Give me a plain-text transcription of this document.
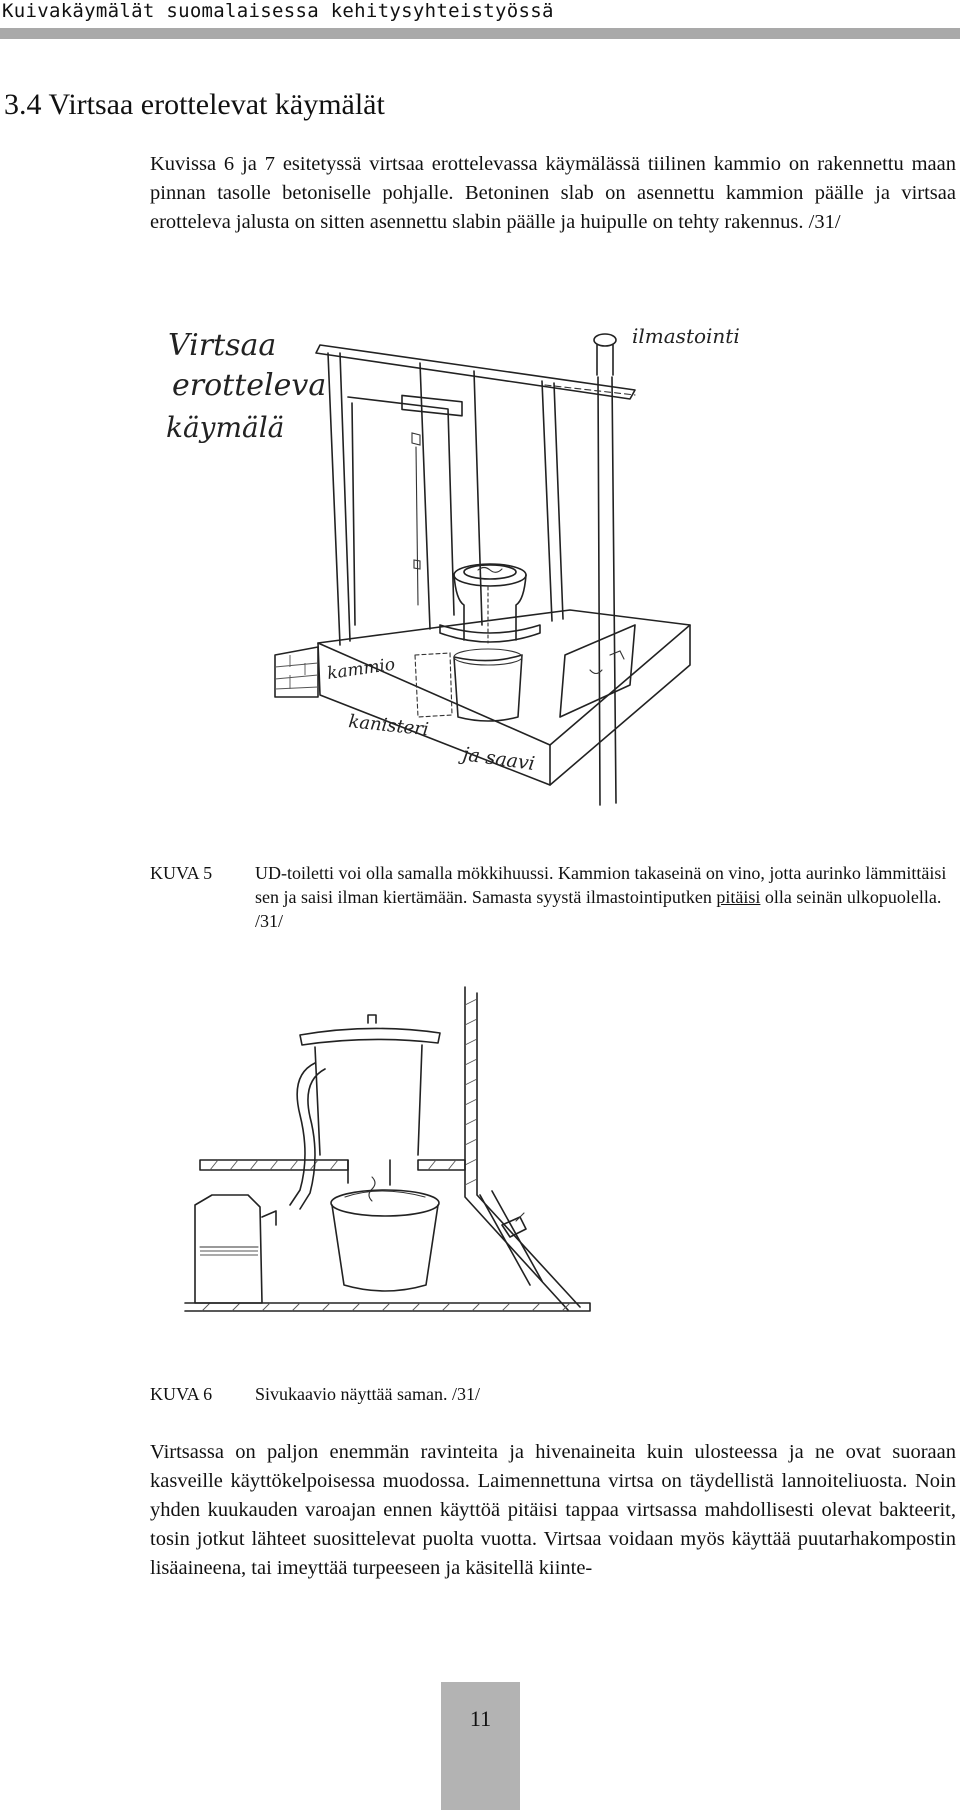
Kuivakäymälät suomalaisessa kehitysyhteistyössä
3.4 Virtsaa erottelevat käymälät

Kuvissa 6 ja 7 esitetyssä virtsaa erottelevassa käymälässä tiilinen kammio on rakennettu maan pinnan tasolle betoniselle pohjalle. Betoninen slab on asennettu kammion päälle ja virtsaa erotteleva jalusta on sitten asennettu slabin päälle ja huipulle on tehty rakennus. /31/

Virtsaa
erotteleva
käymälä
ilmastointi
kammio
kanisteri
ja saavi
KUVA 5 UD-toiletti voi olla samalla mökkihuussi. Kammion takaseinä on vino, jotta aurinko lämmittäisi sen ja saisi ilman kiertämään. Samasta syystä ilmastointiputken pitäisi olla seinän ulkopuolella. /31/
KUVA 6 Sivukaavio näyttää saman. /31/

Virtsassa on paljon enemmän ravinteita ja hivenaineita kuin ulosteessa ja ne ovat suoraan kasveille käyttökelpoisessa muodossa. Laimennettuna virtsa on täydellistä lannoiteliuosta. Noin yhden kuukauden varoajan ennen käyttöä pitäisi tappaa virtsassa mahdollisesti olevat bakteerit, tosin jotkut lähteet suosittelevat puolta vuotta. Virtsaa voidaan myös käyttää puutarhakompostin lisäaineena, tai imeyttää turpeeseen ja käsitellä kiinte-

11
